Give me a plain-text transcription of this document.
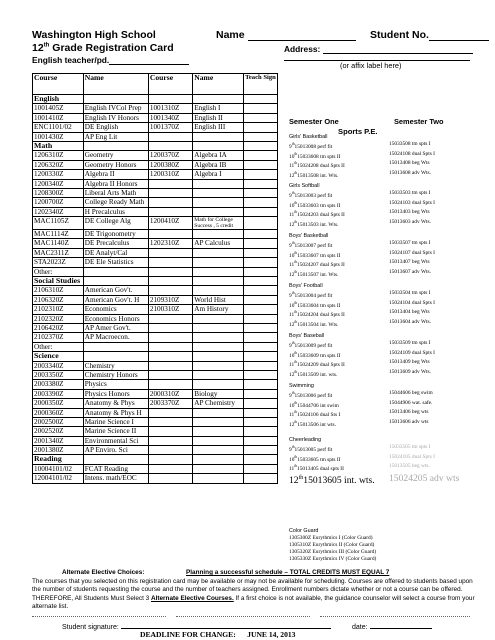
Washington High School
12th Grade Registration Card
English teacher/pd.
Name	Student No.
Address:
(or affix label here)
Course	Name	Course	Name	Teach Sign
English				
1001405Z	English IVCol Prep	1001310Z	English I	
1001410Z	English IV Honors	1001340Z	English II	
ENC1101/02	DE English	1001370Z	English III	
1001430Z	AP Eng Lit			
Math				
1206310Z	Geometry	1200370Z	Algebra IA	
1206320Z	Geometry Honors	1200380Z	Algebra IB	
1200330Z	Algebra II	1200310Z	Algebra I	
1200340Z	Algebra II Honors			
1208300Z	Liberal Arts Math			
1200700Z	College Ready Math			
1202340Z	H Precalculus			
MAC1105Z	DE College Alg	1200410Z	Math for College Success , 5 credit	
MAC1114Z	DE Trigonometry			
MAC1140Z	DE Precalculus	1202310Z	AP Calculus	
MAC2311Z	DE Analyt/Cal			
STA2023Z	DE Ele Statistics			
Other:				
Social Studies				
2106310Z	American Gov't.			
2106320Z	American Gov't. H	2109310Z	World Hist	
2102310Z	Economics	2100310Z	Am History	
2102320Z	Economics Honors			
2106420Z	AP Amer Gov't.			
2102370Z	AP Macroecon.			
Other:				
Science				
2003340Z	Chemistry			
2003350Z	Chemistry Honors			
2003380Z	Physics			
2003390Z	Physics Honors	2000310Z	Biology	
2000350Z	Anatomy & Phys	2003370Z	AP Chemistry	
2000360Z	Anatomy & Phys H			
2002500Z	Marine Science I			
2002520Z	Marine Science II			
2001340Z	Environmental Sci			
2001380Z	AP Enviro. Sci			
Reading				
10004101/02	FCAT Reading			
12004101/02	Intens. math/EOC			
Semester One	Semester Two
Sports P.E.
Girls' Basketball
9th15013008 perf fit	15033508 tm spts I
10th15033608 tm spts II	15024108 dual Spts I
11th15024208 dual Spts II	15013408 beg Wts
12th15013508 int. Wts.	15013608 adv Wts.
Girls Softball
9th15013003 perf fit	15033503 tm spts I
10th15033603 tm spts II	15024103 dual Spts I
11th15024203 dual Spts II	15013403 beg Wts
12th15013503 int. Wts.	15013603 adv Wts.
Boys' Basketball
9th15013007 perf fit	15033507 tm spts I
10th15033607 tm spts II	15024107 dual Spts I
11th15024207 dual Spts II	15013407 beg Wts
12th15013507 int. Wts.	15013607 adv Wts.
Boys' Football
9th15013004 perf fit	15033504 tm spts I
10th15033604 tm spts II	15024104 dual Spts I
11th15024204 dual Spts II	15013404 beg Wts
12th15013504 int. Wts.	15013604 adv Wts.
Boys' Baseball
9th15013009 perf fit	15033509 tm spts I
10th15033609 tm spts II	15024109 dual Spts I
11th15024209 dual Spts II	15013409 beg Wts
12th15013509 int. wts.	15013609 adv Wts.
Swimming
9th15013006 perf fit	15044606 beg swim
10th15044706 int swim	15044906 wat. safe.
11th15024106 dual Sts I	15013406 beg wts
12th15013506 int wts.	15013606 adv wts
Cheerleading
9th15013005 perf fit	15033505 tm spts I
10th15033605 tm spts II	15024105 dual Spts I
11th15013405 dual spts II	15013505 beg wts.
12th15013605 int. wts.	15024205 adv wts
Color Guard
1305300Z Eurythmics I (Color Guard)
1305310Z Eurythmics II (Color Guard)
1305320Z Eurythmics III (Color Guard)
1305330Z Eurythmics IV (Color Guard)
Alternate Elective Choices:	Planning a successful schedule – TOTAL CREDITS MUST EQUAL 7
The courses that you selected on this registration card may be available or may not be available for scheduling. Courses are offered to students based upon the number of students requesting the course and the number of teachers assigned. Enrollment numbers dictate whether or not a course can be offered. THEREFORE, All Students Must Select 3 Alternate Elective Courses. If a first choice is not available, the guidance counselor will select a course from your alternate list.
Student signature:	date:
DEADLINE FOR CHANGE:      JUNE 14, 2013
